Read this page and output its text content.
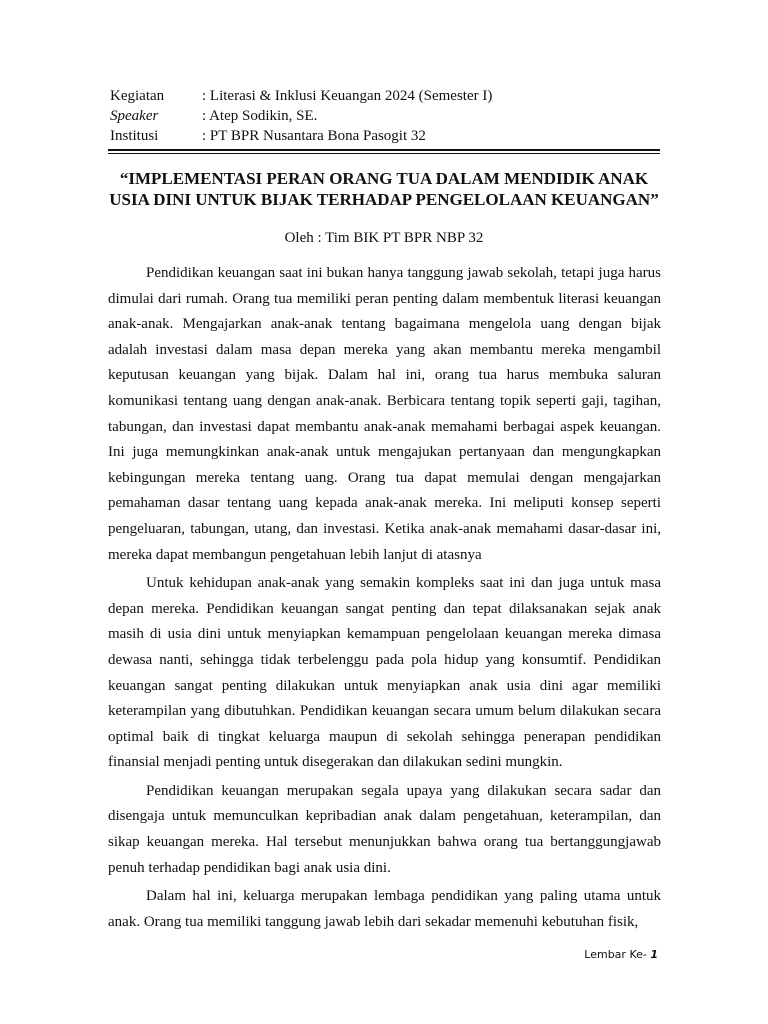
Kegiatan	: Literasi & Inklusi Keuangan 2024 (Semester I)
Speaker	: Atep Sodikin, SE.
Institusi	: PT BPR Nusantara Bona Pasogit 32
“IMPLEMENTASI PERAN ORANG TUA DALAM MENDIDIK ANAK USIA DINI UNTUK BIJAK TERHADAP PENGELOLAAN KEUANGAN”
Oleh : Tim BIK PT BPR NBP 32

Pendidikan keuangan saat ini bukan hanya tanggung jawab sekolah, tetapi juga harus dimulai dari rumah. Orang tua memiliki peran penting dalam membentuk literasi keuangan anak-anak. Mengajarkan anak-anak tentang bagaimana mengelola uang dengan bijak adalah investasi dalam masa depan mereka yang akan membantu mereka mengambil keputusan keuangan yang bijak. Dalam hal ini, orang tua harus membuka saluran komunikasi tentang uang dengan anak-anak. Berbicara tentang topik seperti gaji, tagihan, tabungan, dan investasi dapat membantu anak-anak memahami berbagai aspek keuangan. Ini juga memungkinkan anak-anak untuk mengajukan pertanyaan dan mengungkapkan kebingungan mereka tentang uang. Orang tua dapat memulai dengan mengajarkan pemahaman dasar tentang uang kepada anak-anak mereka. Ini meliputi konsep seperti pengeluaran, tabungan, utang, dan investasi. Ketika anak-anak memahami dasar-dasar ini, mereka dapat membangun pengetahuan lebih lanjut di atasnya

Untuk kehidupan anak-anak yang semakin kompleks saat ini dan juga untuk masa depan mereka. Pendidikan keuangan sangat penting dan tepat dilaksanakan sejak anak masih di usia dini untuk menyiapkan kemampuan pengelolaan keuangan mereka dimasa dewasa nanti, sehingga tidak terbelenggu pada pola hidup yang konsumtif. Pendidikan keuangan sangat penting dilakukan untuk menyiapkan anak usia dini agar memiliki keterampilan yang dibutuhkan. Pendidikan keuangan secara umum belum dilakukan secara optimal baik di tingkat keluarga maupun di sekolah sehingga penerapan pendidikan finansial menjadi penting untuk disegerakan dan dilakukan sedini mungkin.

Pendidikan keuangan merupakan segala upaya yang dilakukan secara sadar dan disengaja untuk memunculkan kepribadian anak dalam pengetahuan, keterampilan, dan sikap keuangan mereka. Hal tersebut menunjukkan bahwa orang tua bertanggungjawab penuh terhadap pendidikan bagi anak usia dini.

Dalam hal ini, keluarga merupakan lembaga pendidikan yang paling utama untuk anak. Orang tua memiliki tanggung jawab lebih dari sekadar memenuhi kebutuhan fisik,

Lembar Ke- 1
